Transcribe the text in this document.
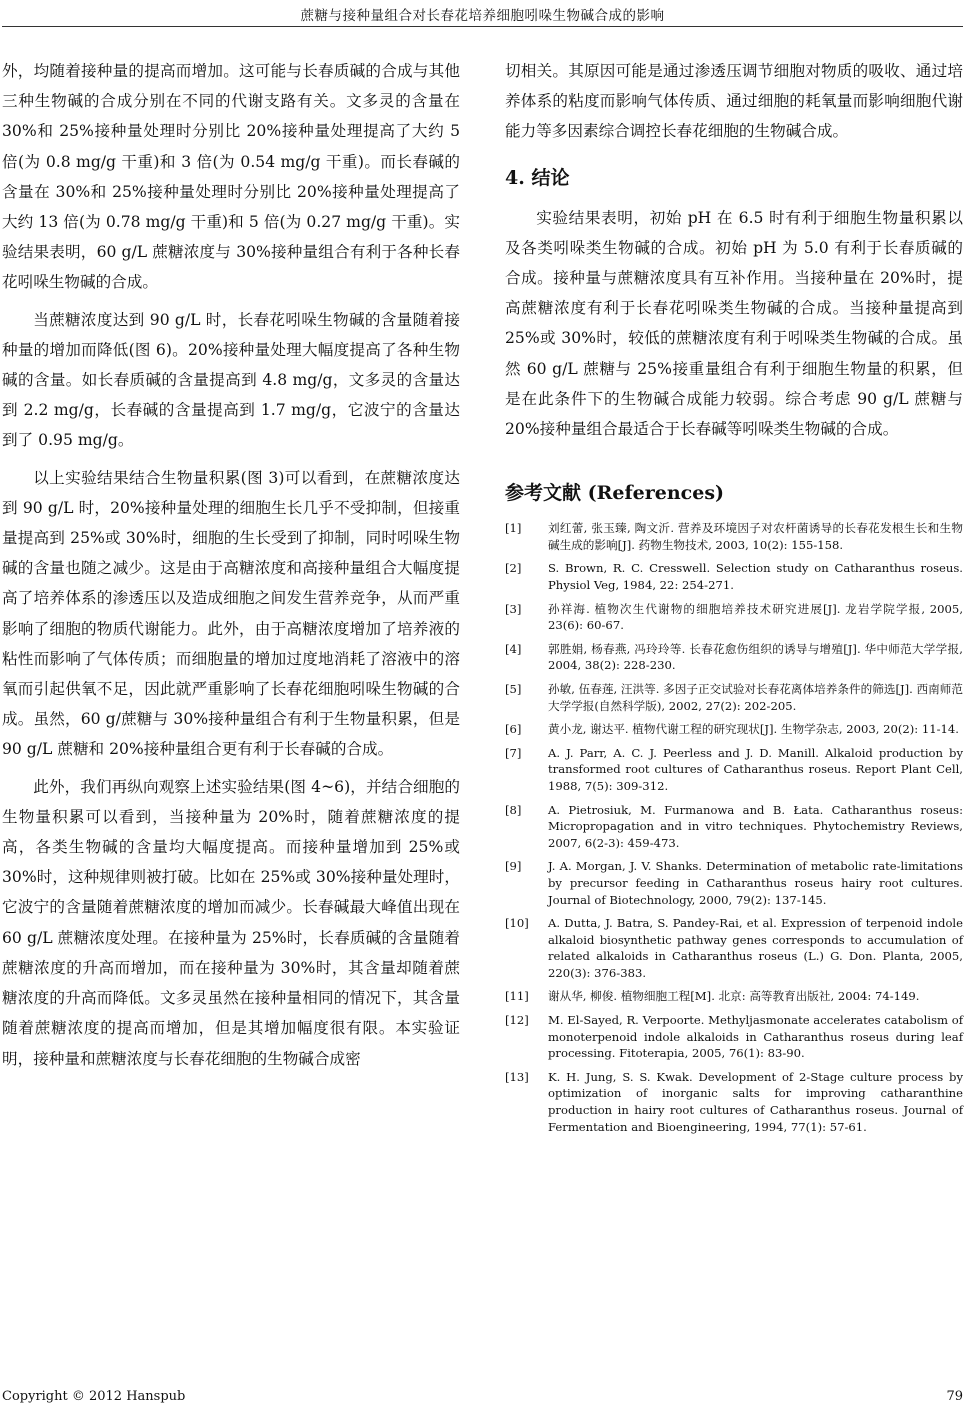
蔗糖与接种量组合对长春花培养细胞吲哚生物碱合成的影响

外，均随着接种量的提高而增加。这可能与长春质碱的合成与其他三种生物碱的合成分别在不同的代谢支路有关。文多灵的含量在 30%和 25%接种量处理时分别比 20%接种量处理提高了大约 5 倍(为 0.8 mg/g 干重)和 3 倍(为 0.54 mg/g 干重)。而长春碱的含量在 30%和 25%接种量处理时分别比 20%接种量处理提高了大约 13 倍(为 0.78 mg/g 干重)和 5 倍(为 0.27 mg/g 干重)。实验结果表明，60 g/L 蔗糖浓度与 30%接种量组合有利于各种长春花吲哚生物碱的合成。

当蔗糖浓度达到 90 g/L 时，长春花吲哚生物碱的含量随着接种量的增加而降低(图 6)。20%接种量处理大幅度提高了各种生物碱的含量。如长春质碱的含量提高到 4.8 mg/g，文多灵的含量达到 2.2 mg/g，长春碱的含量提高到 1.7 mg/g，它波宁的含量达到了 0.95 mg/g。

以上实验结果结合生物量积累(图 3)可以看到，在蔗糖浓度达到 90 g/L 时，20%接种量处理的细胞生长几乎不受抑制，但接重量提高到 25%或 30%时，细胞的生长受到了抑制，同时吲哚生物碱的含量也随之减少。这是由于高糖浓度和高接种量组合大幅度提高了培养体系的渗透压以及造成细胞之间发生营养竞争，从而严重影响了细胞的物质代谢能力。此外，由于高糖浓度增加了培养液的粘性而影响了气体传质；而细胞量的增加过度地消耗了溶液中的溶氧而引起供氧不足，因此就严重影响了长春花细胞吲哚生物碱的合成。虽然，60 g/蔗糖与 30%接种量组合有利于生物量积累，但是 90 g/L 蔗糖和 20%接种量组合更有利于长春碱的合成。

此外，我们再纵向观察上述实验结果(图 4~6)，并结合细胞的生物量积累可以看到，当接种量为 20%时，随着蔗糖浓度的提高，各类生物碱的含量均大幅度提高。而接种量增加到 25%或 30%时，这种规律则被打破。比如在 25%或 30%接种量处理时，它波宁的含量随着蔗糖浓度的增加而减少。长春碱最大峰值出现在 60 g/L 蔗糖浓度处理。在接种量为 25%时，长春质碱的含量随着蔗糖浓度的升高而增加，而在接种量为 30%时，其含量却随着蔗糖浓度的升高而降低。文多灵虽然在接种量相同的情况下，其含量随着蔗糖浓度的提高而增加，但是其增加幅度很有限。本实验证明，接种量和蔗糖浓度与长春花细胞的生物碱合成密

切相关。其原因可能是通过渗透压调节细胞对物质的吸收、通过培养体系的粘度而影响气体传质、通过细胞的耗氧量而影响细胞代谢能力等多因素综合调控长春花细胞的生物碱合成。

4. 结论

实验结果表明，初始 pH 在 6.5 时有利于细胞生物量积累以及各类吲哚类生物碱的合成。初始 pH 为 5.0 有利于长春质碱的合成。接种量与蔗糖浓度具有互补作用。当接种量在 20%时，提高蔗糖浓度有利于长春花吲哚类生物碱的合成。当接种量提高到 25%或 30%时，较低的蔗糖浓度有利于吲哚类生物碱的合成。虽然 60 g/L 蔗糖与 25%接重量组合有利于细胞生物量的积累，但是在此条件下的生物碱合成能力较弱。综合考虑 90 g/L 蔗糖与 20%接种量组合最适合于长春碱等吲哚类生物碱的合成。

参考文献 (References)
[1]	刘红蕾, 张玉臻, 陶文沂. 营养及环境因子对农杆菌诱导的长春花发根生长和生物碱生成的影响[J]. 药物生物技术, 2003, 10(2): 155-158.
[2]	S. Brown, R. C. Cresswell. Selection study on Catharanthus roseus. Physiol Veg, 1984, 22: 254-271.
[3]	孙祥海. 植物次生代谢物的细胞培养技术研究进展[J]. 龙岩学院学报, 2005, 23(6): 60-67.
[4]	郭胜娟, 杨春燕, 冯玲玲等. 长春花愈伤组织的诱导与增殖[J]. 华中师范大学学报, 2004, 38(2): 228-230.
[5]	孙敏, 伍春莲, 汪洪等. 多因子正交试验对长春花离体培养条件的筛选[J]. 西南师范大学学报(自然科学版), 2002, 27(2): 202-205.
[6]	黄小龙, 谢达平. 植物代谢工程的研究现状[J]. 生物学杂志, 2003, 20(2): 11-14.
[7]	A. J. Parr, A. C. J. Peerless and J. D. Manill. Alkaloid production by transformed root cultures of Catharanthus roseus. Report Plant Cell, 1988, 7(5): 309-312.
[8]	A. Pietrosiuk, M. Furmanowa and B. Łata. Catharanthus roseus: Micropropagation and in vitro techniques. Phytochemistry Reviews, 2007, 6(2-3): 459-473.
[9]	J. A. Morgan, J. V. Shanks. Determination of metabolic rate-limitations by precursor feeding in Catharanthus roseus hairy root cultures. Journal of Biotechnology, 2000, 79(2): 137-145.
[10]	A. Dutta, J. Batra, S. Pandey-Rai, et al. Expression of terpenoid indole alkaloid biosynthetic pathway genes corresponds to accumulation of related alkaloids in Catharanthus roseus (L.) G. Don. Planta, 2005, 220(3): 376-383.
[11]	谢从华, 柳俊. 植物细胞工程[M]. 北京: 高等教育出版社, 2004: 74-149.
[12]	M. El-Sayed, R. Verpoorte. Methyljasmonate accelerates catabolism of monoterpenoid indole alkaloids in Catharanthus roseus during leaf processing. Fitoterapia, 2005, 76(1): 83-90.
[13]	K. H. Jung, S. S. Kwak. Development of 2-Stage culture process by optimization of inorganic salts for improving catharanthine production in hairy root cultures of Catharanthus roseus. Journal of Fermentation and Bioengineering, 1994, 77(1): 57-61.
Copyright © 2012 Hanspub	79
